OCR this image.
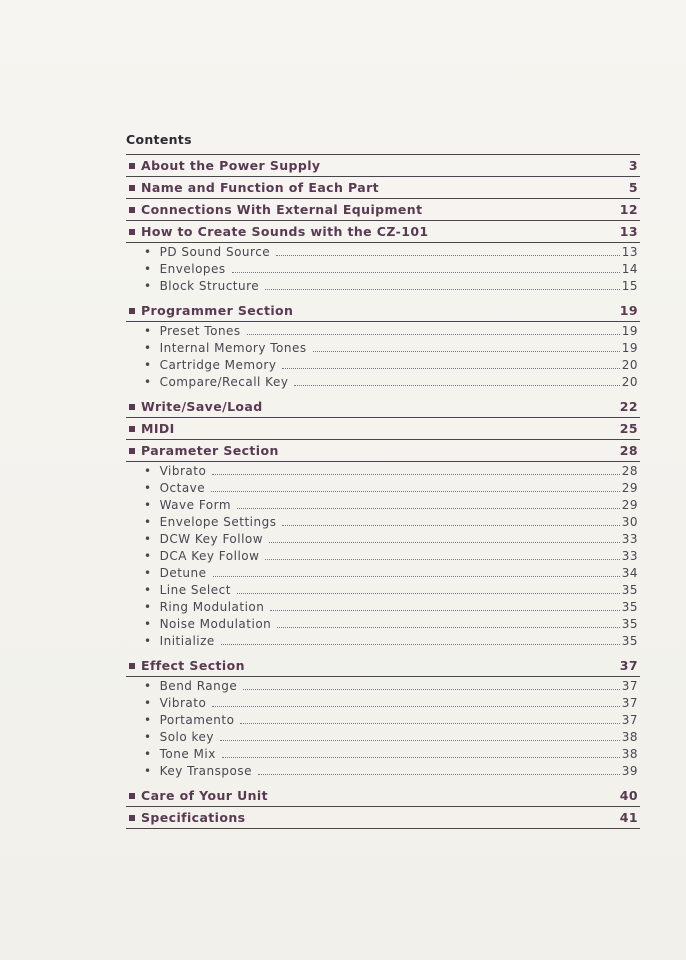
Contents
About the Power Supply	3
Name and Function of Each Part	5
Connections With External Equipment	12
How to Create Sounds with the CZ-101	13
• PD Sound Source	13
• Envelopes	14
• Block Structure	15
Programmer Section	19
• Preset Tones	19
• Internal Memory Tones	19
• Cartridge Memory	20
• Compare/Recall Key	20
Write/Save/Load	22
MIDI	25
Parameter Section	28
• Vibrato	28
• Octave	29
• Wave Form	29
• Envelope Settings	30
• DCW Key Follow	33
• DCA Key Follow	33
• Detune	34
• Line Select	35
• Ring Modulation	35
• Noise Modulation	35
• Initialize	35
Effect Section	37
• Bend Range	37
• Vibrato	37
• Portamento	37
• Solo key	38
• Tone Mix	38
• Key Transpose	39
Care of Your Unit	40
Specifications	41
